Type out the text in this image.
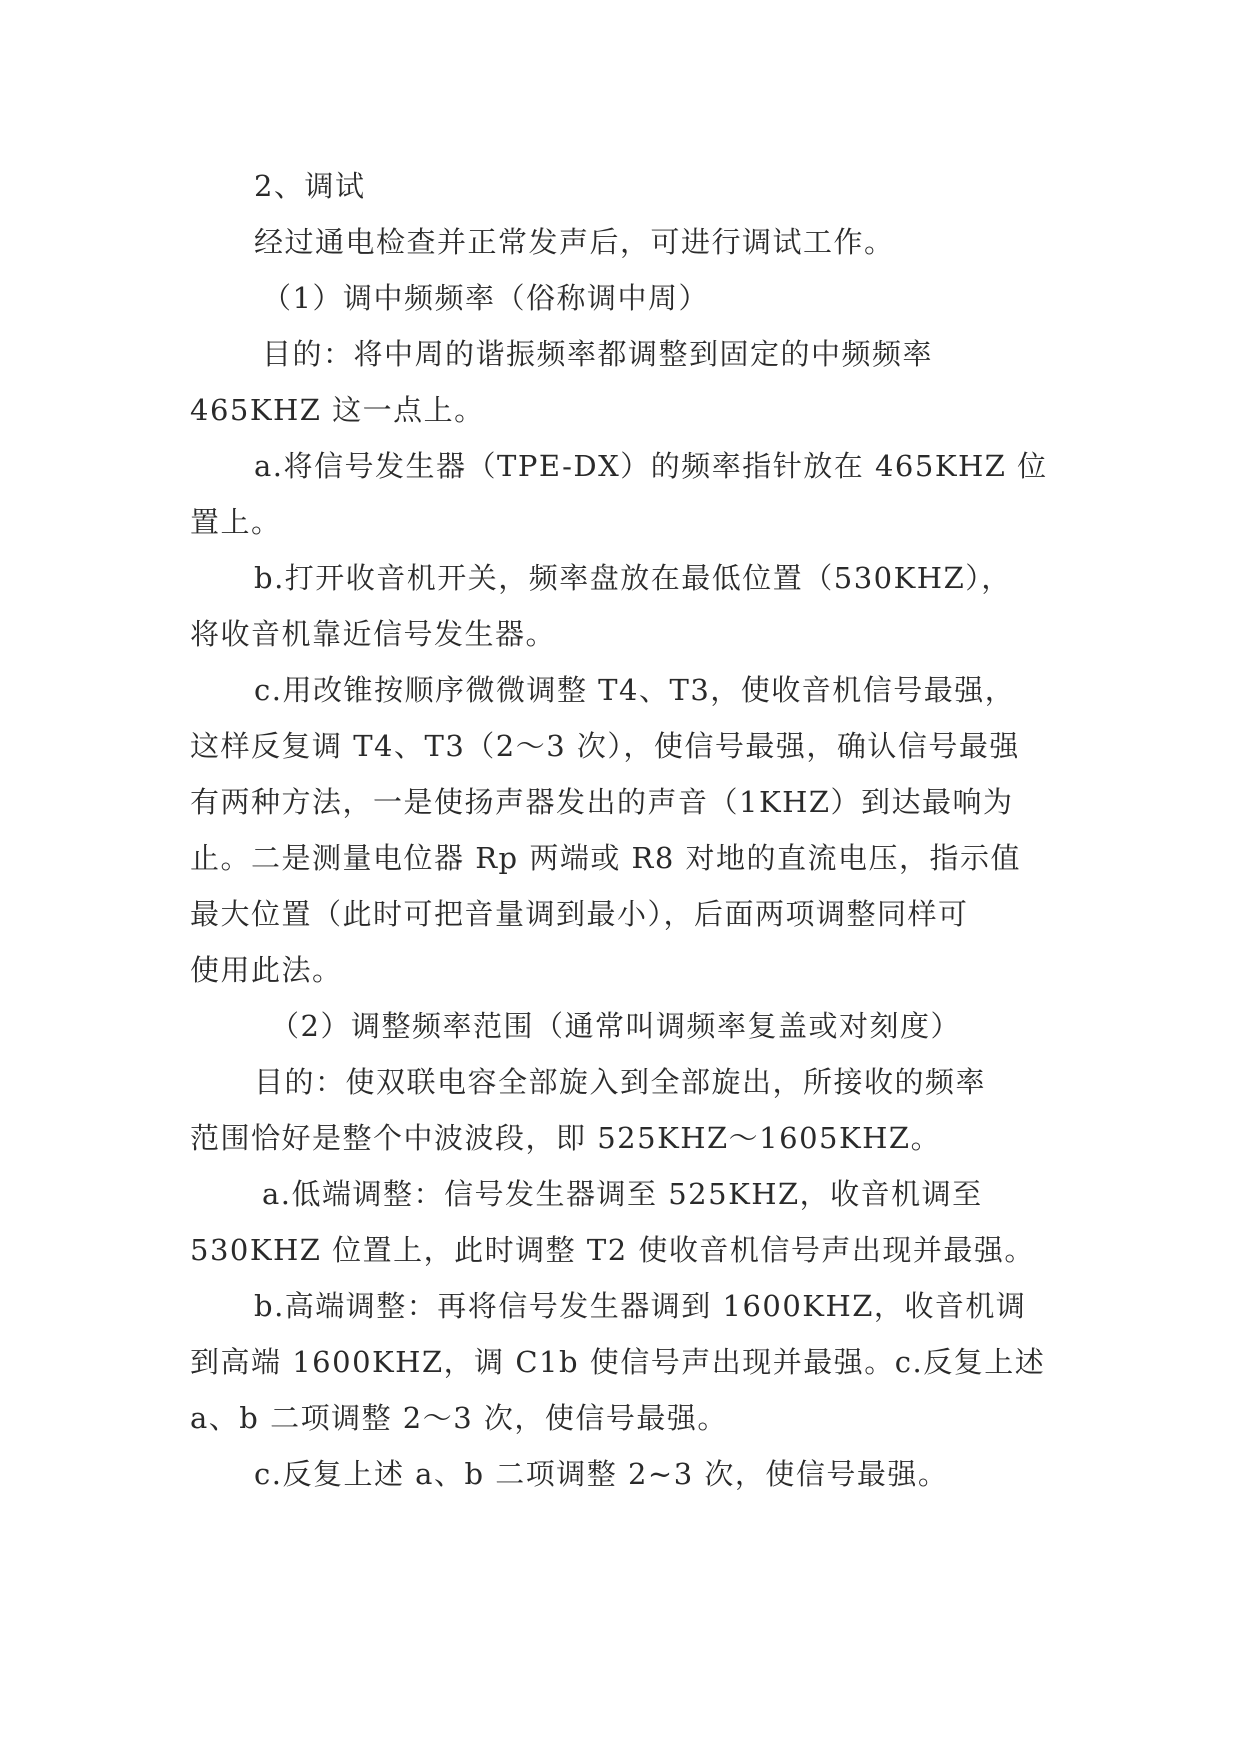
2、调试
经过通电检查并正常发声后，可进行调试工作。
（1）调中频频率（俗称调中周）
目的：将中周的谐振频率都调整到固定的中频频率
465KHZ 这一点上。
a.将信号发生器（TPE-DX）的频率指针放在 465KHZ 位
置上。
b.打开收音机开关，频率盘放在最低位置（530KHZ），
将收音机靠近信号发生器。
c.用改锥按顺序微微调整 T4、T3，使收音机信号最强，
这样反复调 T4、T3（2～3 次），使信号最强，确认信号最强
有两种方法，一是使扬声器发出的声音（1KHZ）到达最响为
止。二是测量电位器 Rp 两端或 R8 对地的直流电压，指示值
最大位置（此时可把音量调到最小），后面两项调整同样可
使用此法。
（2）调整频率范围（通常叫调频率复盖或对刻度）
目的：使双联电容全部旋入到全部旋出，所接收的频率
范围恰好是整个中波波段，即 525KHZ～1605KHZ。
a.低端调整：信号发生器调至 525KHZ，收音机调至
530KHZ 位置上，此时调整 T2 使收音机信号声出现并最强。
b.高端调整：再将信号发生器调到 1600KHZ，收音机调
到高端 1600KHZ，调 C1b 使信号声出现并最强。c.反复上述
a、b 二项调整 2～3 次，使信号最强。
c.反复上述 a、b 二项调整 2~3 次，使信号最强。
